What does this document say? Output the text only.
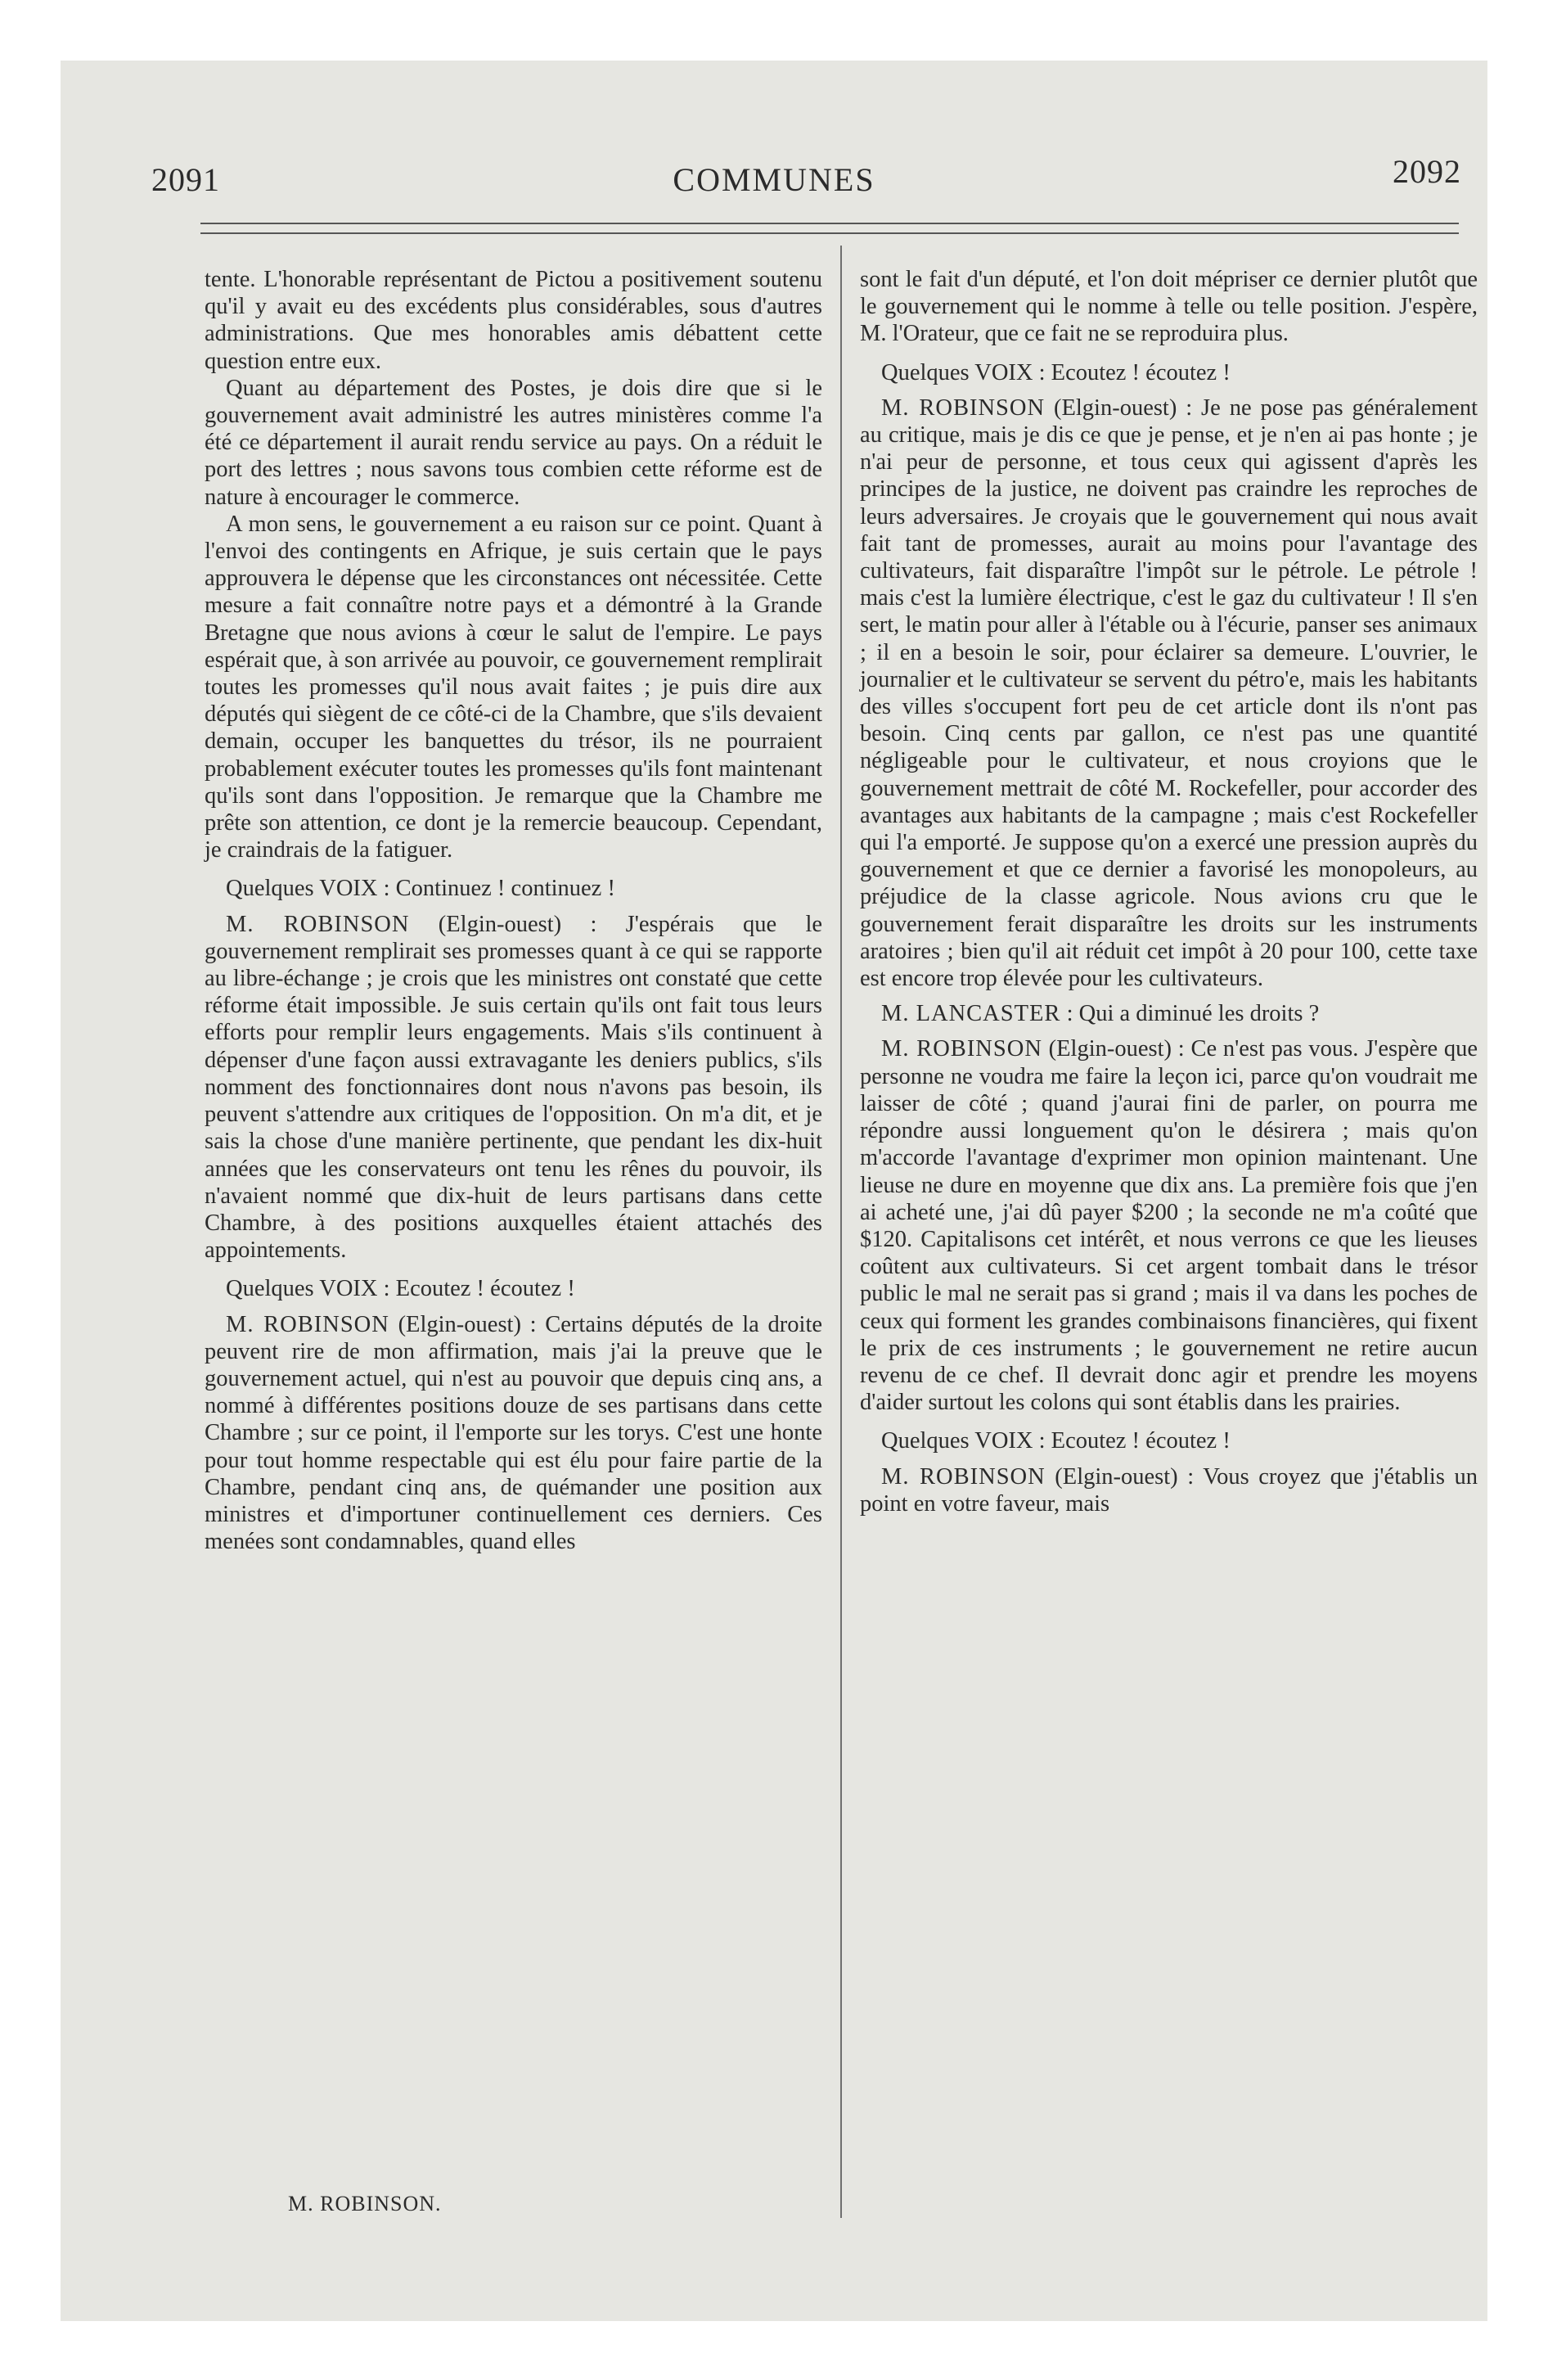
2091	COMMUNES	2092

tente. L'honorable représentant de Pictou a positivement soutenu qu'il y avait eu des excédents plus considérables, sous d'autres administrations. Que mes honorables amis débattent cette question entre eux.

Quant au département des Postes, je dois dire que si le gouvernement avait administré les autres ministères comme l'a été ce département il aurait rendu service au pays. On a réduit le port des lettres ; nous savons tous combien cette réforme est de nature à encourager le commerce.

A mon sens, le gouvernement a eu raison sur ce point. Quant à l'envoi des contingents en Afrique, je suis certain que le pays approuvera le dépense que les circonstances ont nécessitée. Cette mesure a fait connaître notre pays et a démontré à la Grande Bretagne que nous avions à cœur le salut de l'empire. Le pays espérait que, à son arrivée au pouvoir, ce gouvernement remplirait toutes les promesses qu'il nous avait faites ; je puis dire aux députés qui siègent de ce côté-ci de la Chambre, que s'ils devaient demain, occuper les banquettes du trésor, ils ne pourraient probablement exécuter toutes les promesses qu'ils font maintenant qu'ils sont dans l'opposition. Je remarque que la Chambre me prête son attention, ce dont je la remercie beaucoup. Cependant, je craindrais de la fatiguer.

Quelques VOIX : Continuez ! continuez !

M. ROBINSON (Elgin-ouest) : J'espérais que le gouvernement remplirait ses promesses quant à ce qui se rapporte au libre-échange ; je crois que les ministres ont constaté que cette réforme était impossible. Je suis certain qu'ils ont fait tous leurs efforts pour remplir leurs engagements. Mais s'ils continuent à dépenser d'une façon aussi extravagante les deniers publics, s'ils nomment des fonctionnaires dont nous n'avons pas besoin, ils peuvent s'attendre aux critiques de l'opposition. On m'a dit, et je sais la chose d'une manière pertinente, que pendant les dix-huit années que les conservateurs ont tenu les rênes du pouvoir, ils n'avaient nommé que dix-huit de leurs partisans dans cette Chambre, à des positions auxquelles étaient attachés des appointements.

Quelques VOIX : Ecoutez ! écoutez !

M. ROBINSON (Elgin-ouest) : Certains députés de la droite peuvent rire de mon affirmation, mais j'ai la preuve que le gouvernement actuel, qui n'est au pouvoir que depuis cinq ans, a nommé à différentes positions douze de ses partisans dans cette Chambre ; sur ce point, il l'emporte sur les torys. C'est une honte pour tout homme respectable qui est élu pour faire partie de la Chambre, pendant cinq ans, de quémander une position aux ministres et d'importuner continuellement ces derniers. Ces menées sont condamnables, quand elles

M. ROBINSON.

sont le fait d'un député, et l'on doit mépriser ce dernier plutôt que le gouvernement qui le nomme à telle ou telle position. J'espère, M. l'Orateur, que ce fait ne se reproduira plus.

Quelques VOIX : Ecoutez ! écoutez !

M. ROBINSON (Elgin-ouest) : Je ne pose pas généralement au critique, mais je dis ce que je pense, et je n'en ai pas honte ; je n'ai peur de personne, et tous ceux qui agissent d'après les principes de la justice, ne doivent pas craindre les reproches de leurs adversaires. Je croyais que le gouvernement qui nous avait fait tant de promesses, aurait au moins pour l'avantage des cultivateurs, fait disparaître l'impôt sur le pétrole. Le pétrole ! mais c'est la lumière électrique, c'est le gaz du cultivateur ! Il s'en sert, le matin pour aller à l'étable ou à l'écurie, panser ses animaux ; il en a besoin le soir, pour éclairer sa demeure. L'ouvrier, le journalier et le cultivateur se servent du pétro'e, mais les habitants des villes s'occupent fort peu de cet article dont ils n'ont pas besoin. Cinq cents par gallon, ce n'est pas une quantité négligeable pour le cultivateur, et nous croyions que le gouvernement mettrait de côté M. Rockefeller, pour accorder des avantages aux habitants de la campagne ; mais c'est Rockefeller qui l'a emporté. Je suppose qu'on a exercé une pression auprès du gouvernement et que ce dernier a favorisé les monopoleurs, au préjudice de la classe agricole. Nous avions cru que le gouvernement ferait disparaître les droits sur les instruments aratoires ; bien qu'il ait réduit cet impôt à 20 pour 100, cette taxe est encore trop élevée pour les cultivateurs.

M. LANCASTER : Qui a diminué les droits ?

M. ROBINSON (Elgin-ouest) : Ce n'est pas vous. J'espère que personne ne voudra me faire la leçon ici, parce qu'on voudrait me laisser de côté ; quand j'aurai fini de parler, on pourra me répondre aussi longuement qu'on le désirera ; mais qu'on m'accorde l'avantage d'exprimer mon opinion maintenant. Une lieuse ne dure en moyenne que dix ans. La première fois que j'en ai acheté une, j'ai dû payer $200 ; la seconde ne m'a coûté que $120. Capitalisons cet intérêt, et nous verrons ce que les lieuses coûtent aux cultivateurs. Si cet argent tombait dans le trésor public le mal ne serait pas si grand ; mais il va dans les poches de ceux qui forment les grandes combinaisons financières, qui fixent le prix de ces instruments ; le gouvernement ne retire aucun revenu de ce chef. Il devrait donc agir et prendre les moyens d'aider surtout les colons qui sont établis dans les prairies.

Quelques VOIX : Ecoutez ! écoutez !

M. ROBINSON (Elgin-ouest) : Vous croyez que j'établis un point en votre faveur, mais
